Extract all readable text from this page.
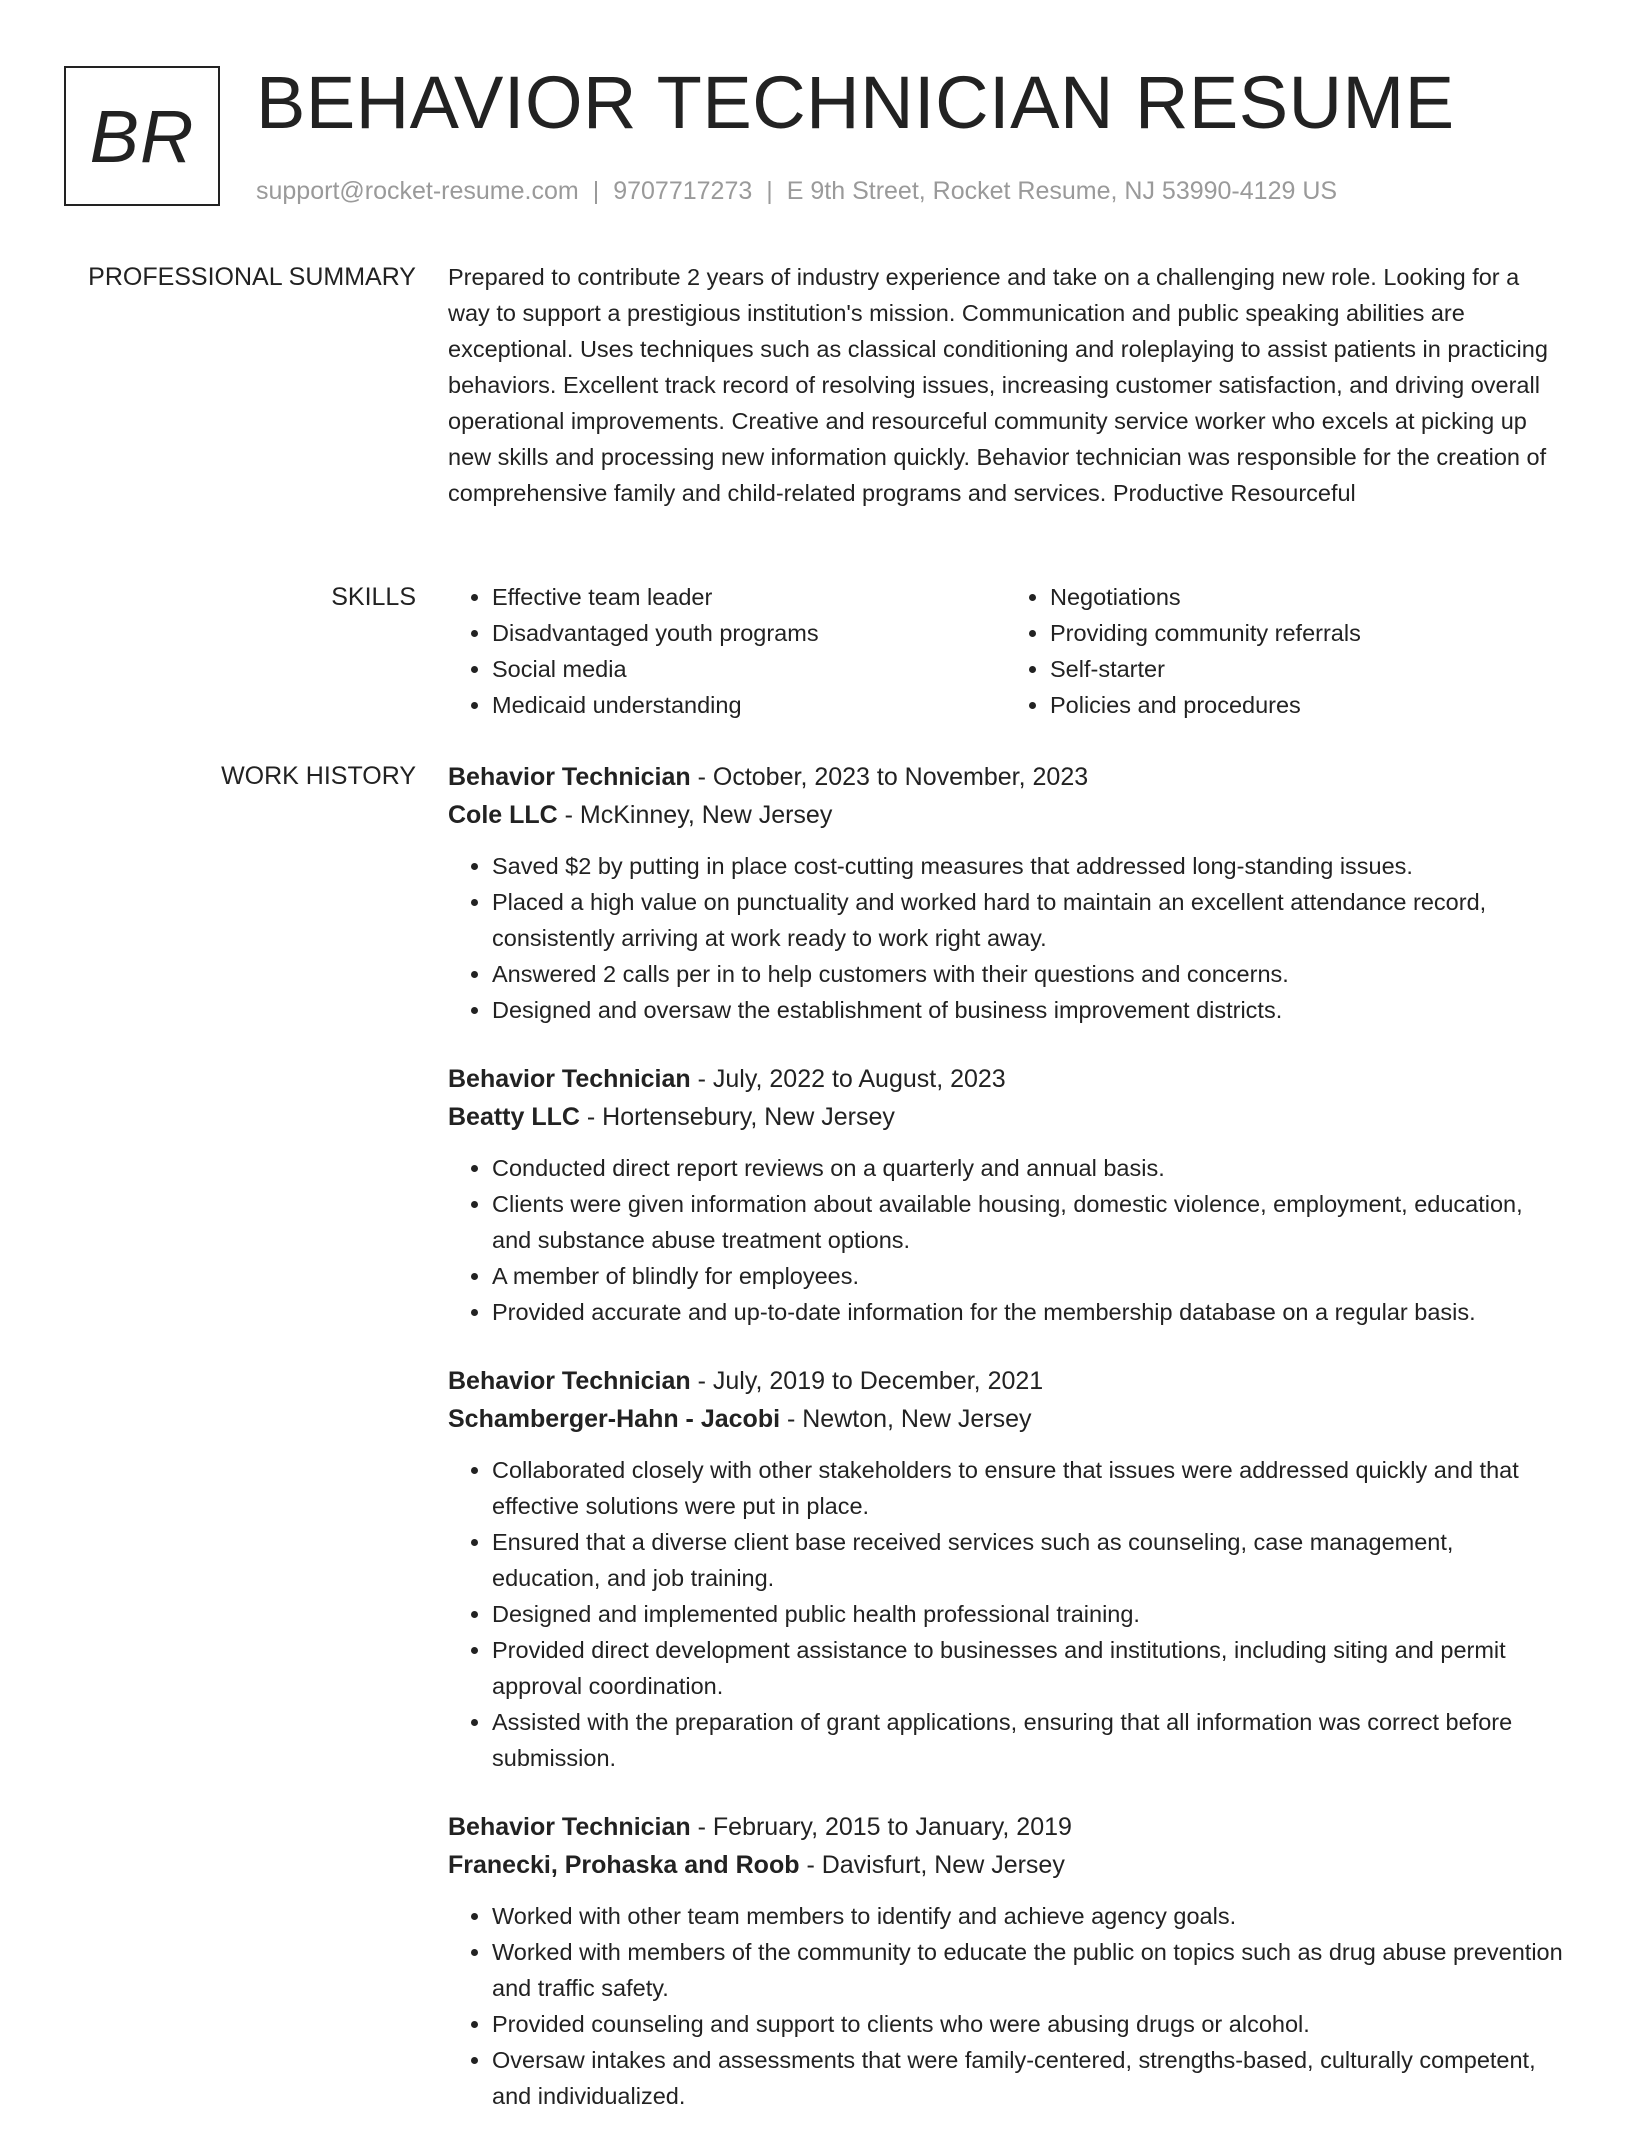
BR BEHAVIOR TECHNICIAN RESUME
support@rocket-resume.com | 9707717273 | E 9th Street, Rocket Resume, NJ 53990-4129 US
PROFESSIONAL SUMMARY Prepared to contribute 2 years of industry experience and take on a challenging new role. Looking for a way to support a prestigious institution's mission. Communication and public speaking abilities are exceptional. Uses techniques such as classical conditioning and roleplaying to assist patients in practicing behaviors. Excellent track record of resolving issues, increasing customer satisfaction, and driving overall operational improvements. Creative and resourceful community service worker who excels at picking up new skills and processing new information quickly. Behavior technician was responsible for the creation of comprehensive family and child-related programs and services. Productive Resourceful

SKILLS
•	Effective team leader
• Disadvantaged youth programs
• Social media
• Medicaid understanding
• Negotiations
• Providing community referrals
• Self-starter
• Policies and procedures
WORK HISTORY Behavior Technician - October, 2023 to November, 2023
Cole LLC - McKinney, New Jersey
• Saved $2 by putting in place cost-cutting measures that addressed long-standing issues.
• Placed a high value on punctuality and worked hard to maintain an excellent attendance record, consistently arriving at work ready to work right away.
• Answered 2 calls per in to help customers with their questions and concerns.
• Designed and oversaw the establishment of business improvement districts.
Behavior Technician - July, 2022 to August, 2023
Beatty LLC - Hortensebury, New Jersey
• Conducted direct report reviews on a quarterly and annual basis.
• Clients were given information about available housing, domestic violence, employment, education, and substance abuse treatment options.
• A member of blindly for employees.
• Provided accurate and up-to-date information for the membership database on a regular basis.
Behavior Technician - July, 2019 to December, 2021
Schamberger-Hahn - Jacobi - Newton, New Jersey
• Collaborated closely with other stakeholders to ensure that issues were addressed quickly and that effective solutions were put in place.
• Ensured that a diverse client base received services such as counseling, case management, education, and job training.
• Designed and implemented public health professional training.
• Provided direct development assistance to businesses and institutions, including siting and permit approval coordination.
• Assisted with the preparation of grant applications, ensuring that all information was correct before submission.
Behavior Technician - February, 2015 to January, 2019
Franecki, Prohaska and Roob - Davisfurt, New Jersey
• Worked with other team members to identify and achieve agency goals.
• Worked with members of the community to educate the public on topics such as drug abuse prevention and traffic safety.
• Provided counseling and support to clients who were abusing drugs or alcohol.
• Oversaw intakes and assessments that were family-centered, strengths-based, culturally competent, and individualized.
